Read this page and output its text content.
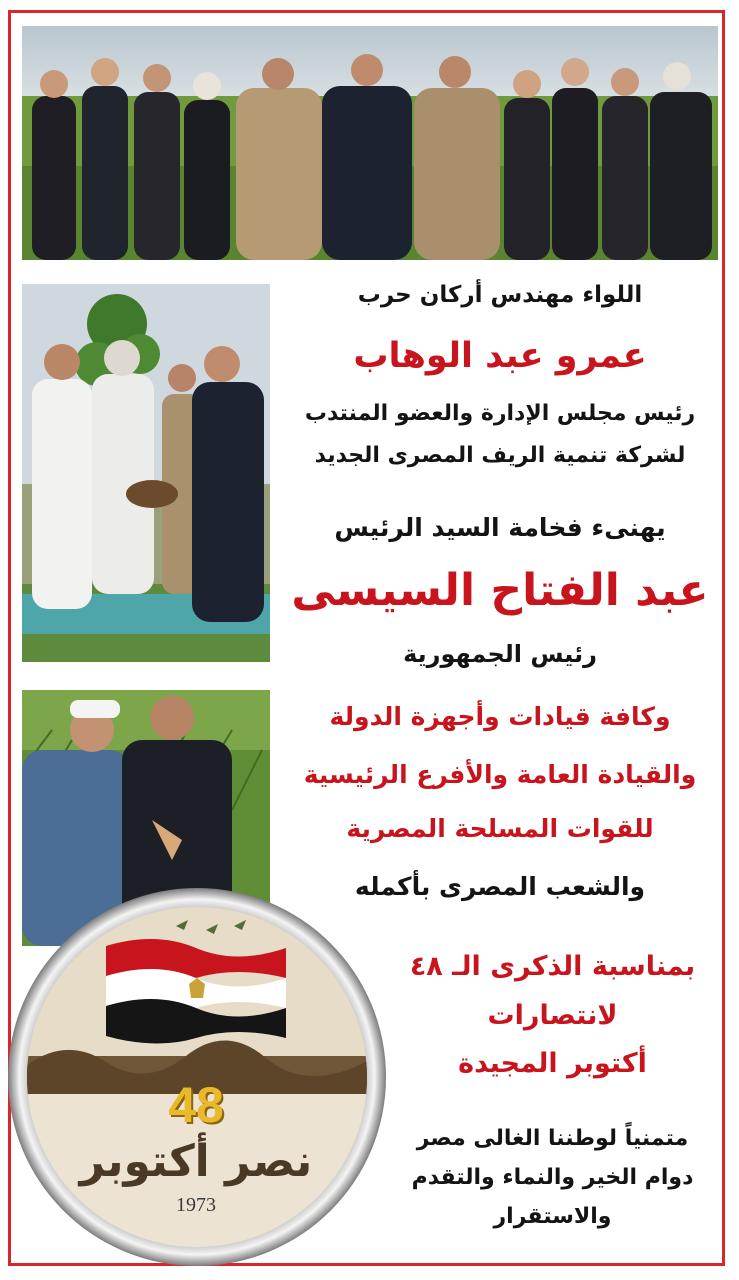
48
نصر أكتوبر
1973
اللواء مهندس أركان حرب
عمرو عبد الوهاب
رئيس مجلس الإدارة والعضو المنتدب
لشركة تنمية الريف المصرى الجديد
يهنىء فخامة السيد الرئيس
عبد الفتاح السيسى
رئيس الجمهورية
وكافة قيادات وأجهزة الدولة
والقيادة العامة والأفرع الرئيسية
للقوات المسلحة المصرية
والشعب المصرى بأكمله
بمناسبة الذكرى الـ ٤٨
لانتصارات
أكتوبر المجيدة
متمنياً لوطننا الغالى مصر
دوام الخير والنماء والتقدم
والاستقرار
